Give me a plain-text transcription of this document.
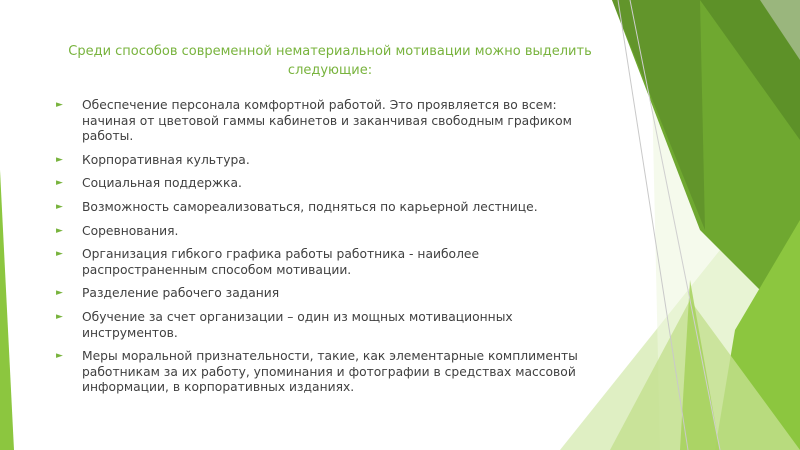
Среди способов современной нематериальной мотивации можно выделить следующие:

► Обеспечение персонала комфортной работой. Это проявляется во всем: начиная от цветовой гаммы кабинетов и заканчивая свободным графиком работы.
► Корпоративная культура.
► Социальная поддержка.
► Возможность самореализоваться, подняться по карьерной лестнице.
► Соревнования.
► Организация гибкого графика работы работника - наиболее распространенным способом мотивации.
► Разделение рабочего задания
► Обучение за счет организации – один из мощных мотивационных инструментов.
► Меры моральной признательности, такие, как элементарные комплименты работникам за их работу, упоминания и фотографии в средствах массовой информации, в корпоративных изданиях.
